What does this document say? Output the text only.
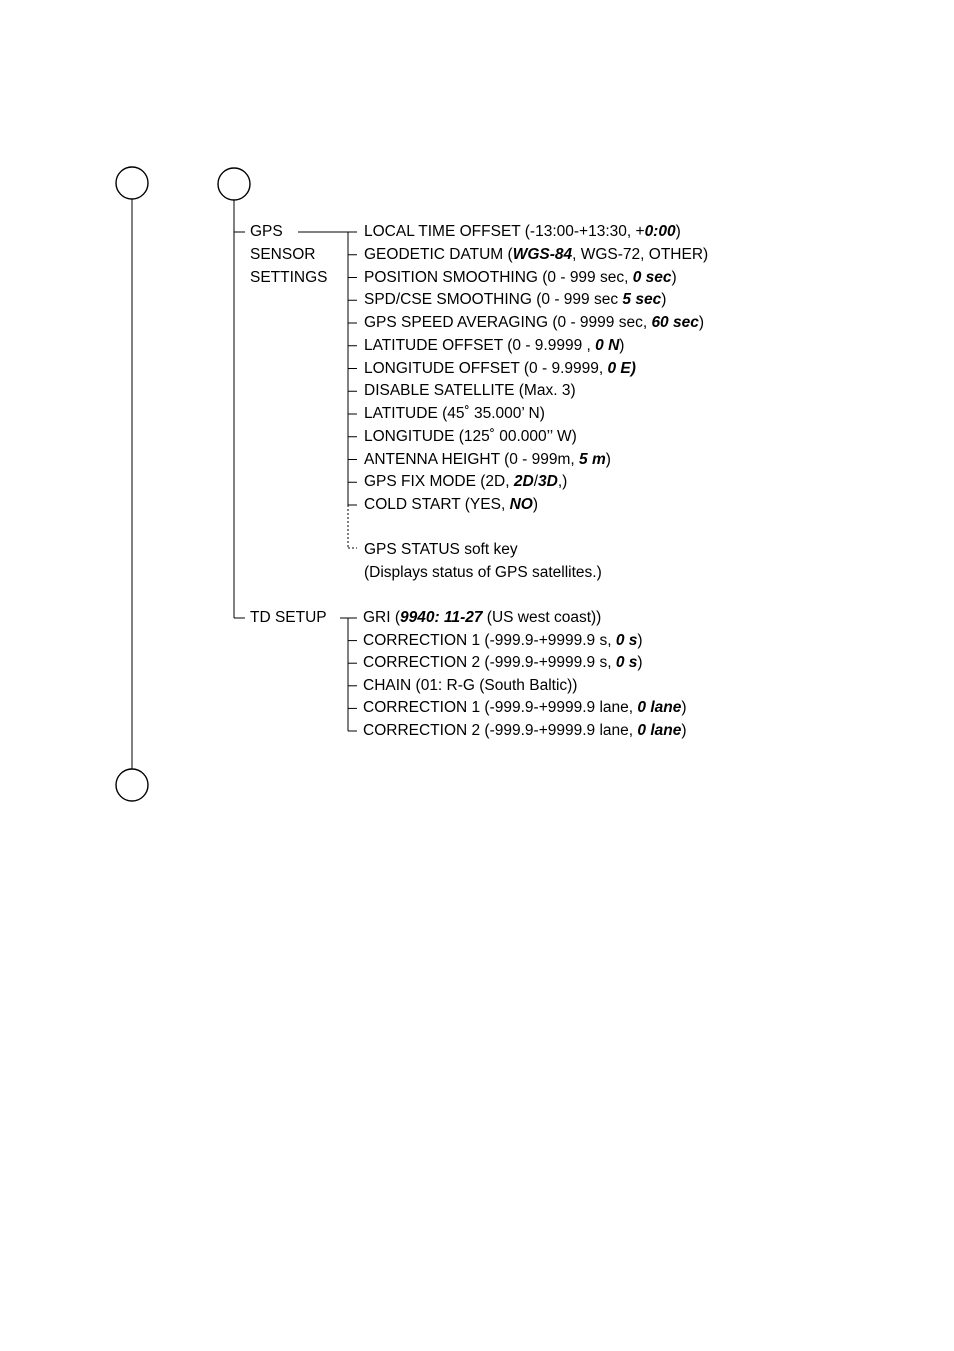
GPS
SENSOR
SETTINGS
LOCAL TIME OFFSET (-13:00-+13:30, +0:00)
GEODETIC DATUM (WGS-84, WGS-72, OTHER)
POSITION SMOOTHING (0 - 999 sec, 0 sec)
SPD/CSE SMOOTHING (0 - 999 sec 5 sec)
GPS SPEED AVERAGING (0 - 9999 sec, 60 sec)
LATITUDE OFFSET (0 - 9.9999 , 0 N)
LONGITUDE OFFSET (0 - 9.9999, 0 E)
DISABLE SATELLITE (Max. 3)
LATITUDE (45˚ 35.000’ N)
LONGITUDE (125˚ 00.000’’ W)
ANTENNA HEIGHT (0 - 999m, 5 m)
GPS FIX MODE (2D, 2D/3D,)
COLD START (YES, NO)
GPS STATUS soft key
(Displays status of GPS satellites.)
TD SETUP GRI (9940: 11-27 (US west coast))
CORRECTION 1 (-999.9-+9999.9 s, 0 s)
CORRECTION 2 (-999.9-+9999.9 s, 0 s)
CHAIN (01: R-G (South Baltic))
CORRECTION 1 (-999.9-+9999.9 lane, 0 lane)
CORRECTION 2 (-999.9-+9999.9 lane, 0 lane)
